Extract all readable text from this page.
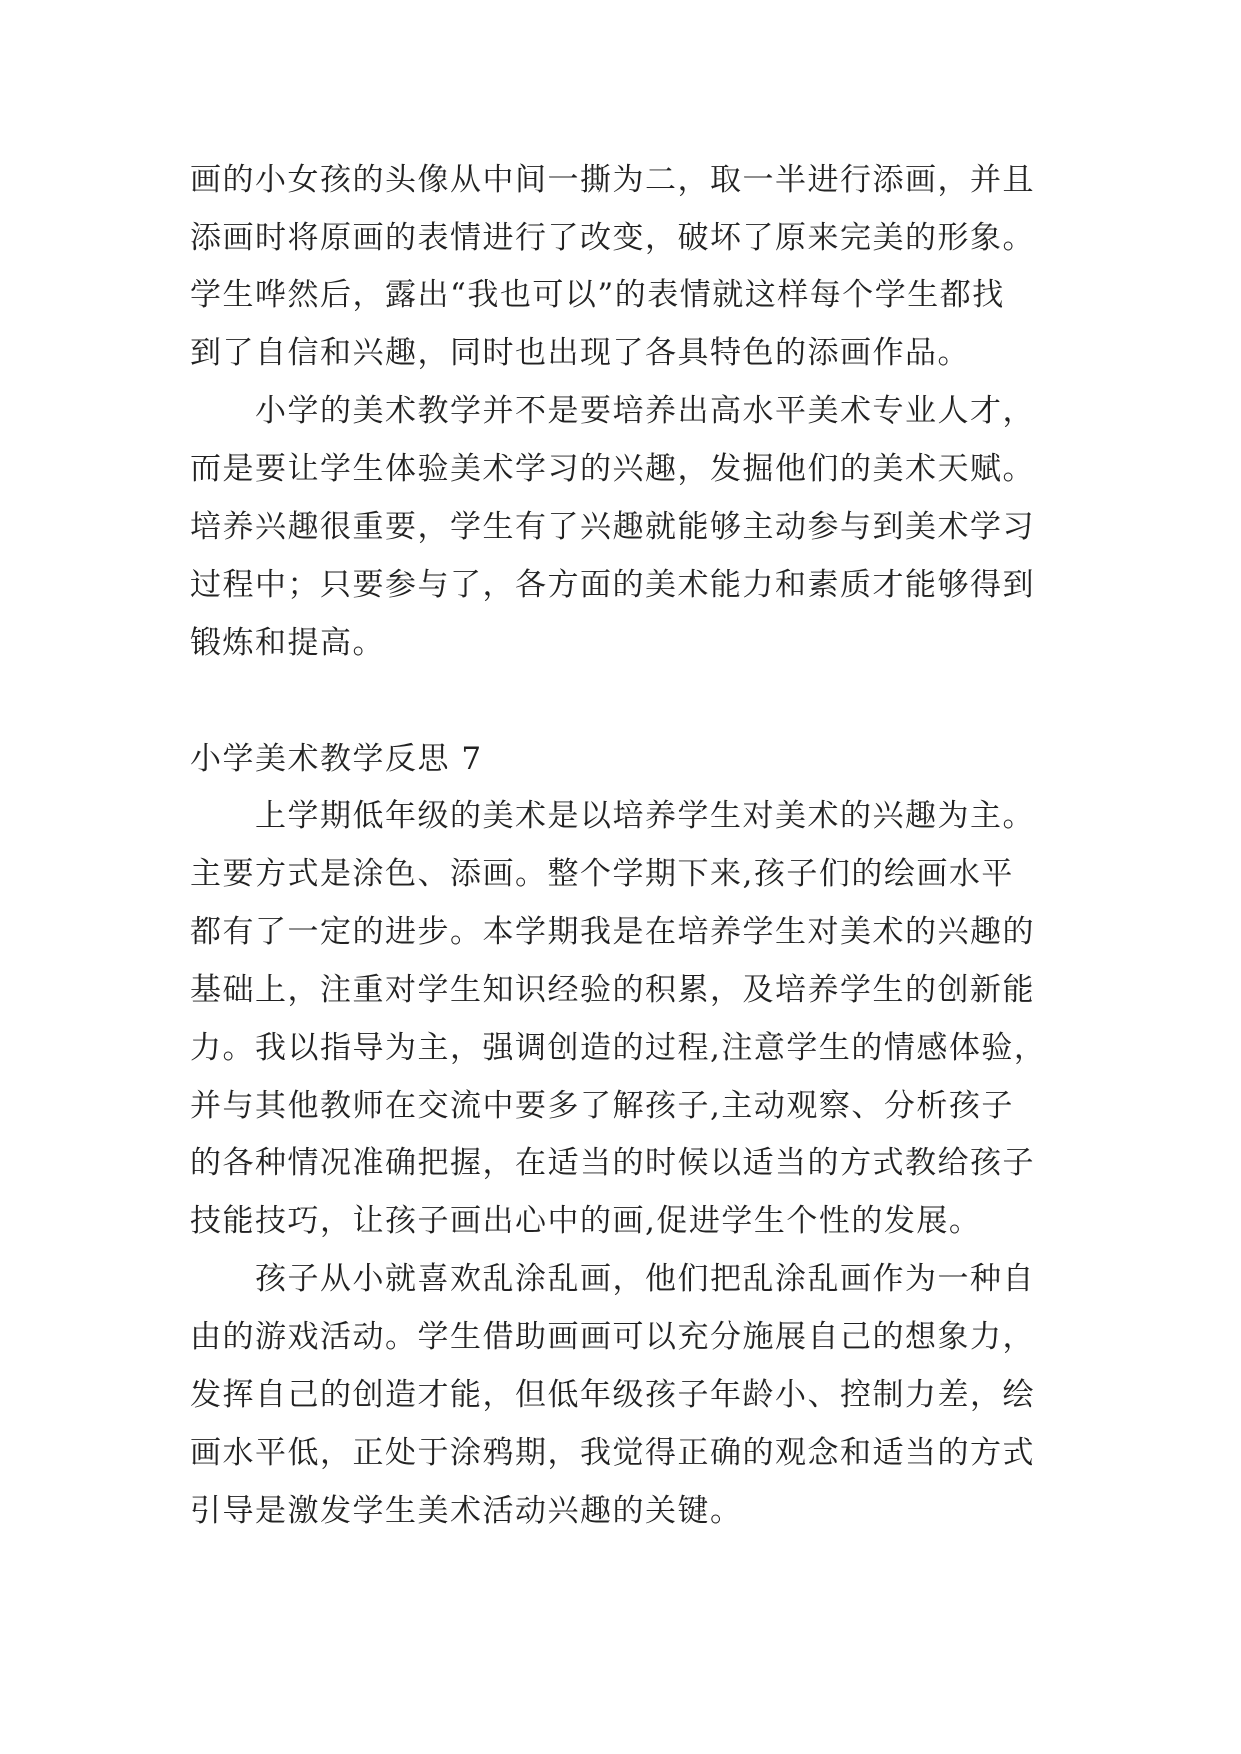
画的小女孩的头像从中间一撕为二，取一半进行添画，并且
添画时将原画的表情进行了改变，破坏了原来完美的形象。
学生哗然后，露出“我也可以”的表情就这样每个学生都找
到了自信和兴趣，同时也出现了各具特色的添画作品。
小学的美术教学并不是要培养出高水平美术专业人才，
而是要让学生体验美术学习的兴趣，发掘他们的美术天赋。
培养兴趣很重要，学生有了兴趣就能够主动参与到美术学习
过程中；只要参与了，各方面的美术能力和素质才能够得到
锻炼和提高。
小学美术教学反思 7
上学期低年级的美术是以培养学生对美术的兴趣为主。
主要方式是涂色、添画。整个学期下来,孩子们的绘画水平
都有了一定的进步。本学期我是在培养学生对美术的兴趣的
基础上，注重对学生知识经验的积累，及培养学生的创新能
力。我以指导为主，强调创造的过程,注意学生的情感体验，
并与其他教师在交流中要多了解孩子,主动观察、分析孩子
的各种情况准确把握，在适当的时候以适当的方式教给孩子
技能技巧，让孩子画出心中的画,促进学生个性的发展。
孩子从小就喜欢乱涂乱画，他们把乱涂乱画作为一种自
由的游戏活动。学生借助画画可以充分施展自己的想象力，
发挥自己的创造才能，但低年级孩子年龄小、控制力差，绘
画水平低，正处于涂鸦期，我觉得正确的观念和适当的方式
引导是激发学生美术活动兴趣的关键。
